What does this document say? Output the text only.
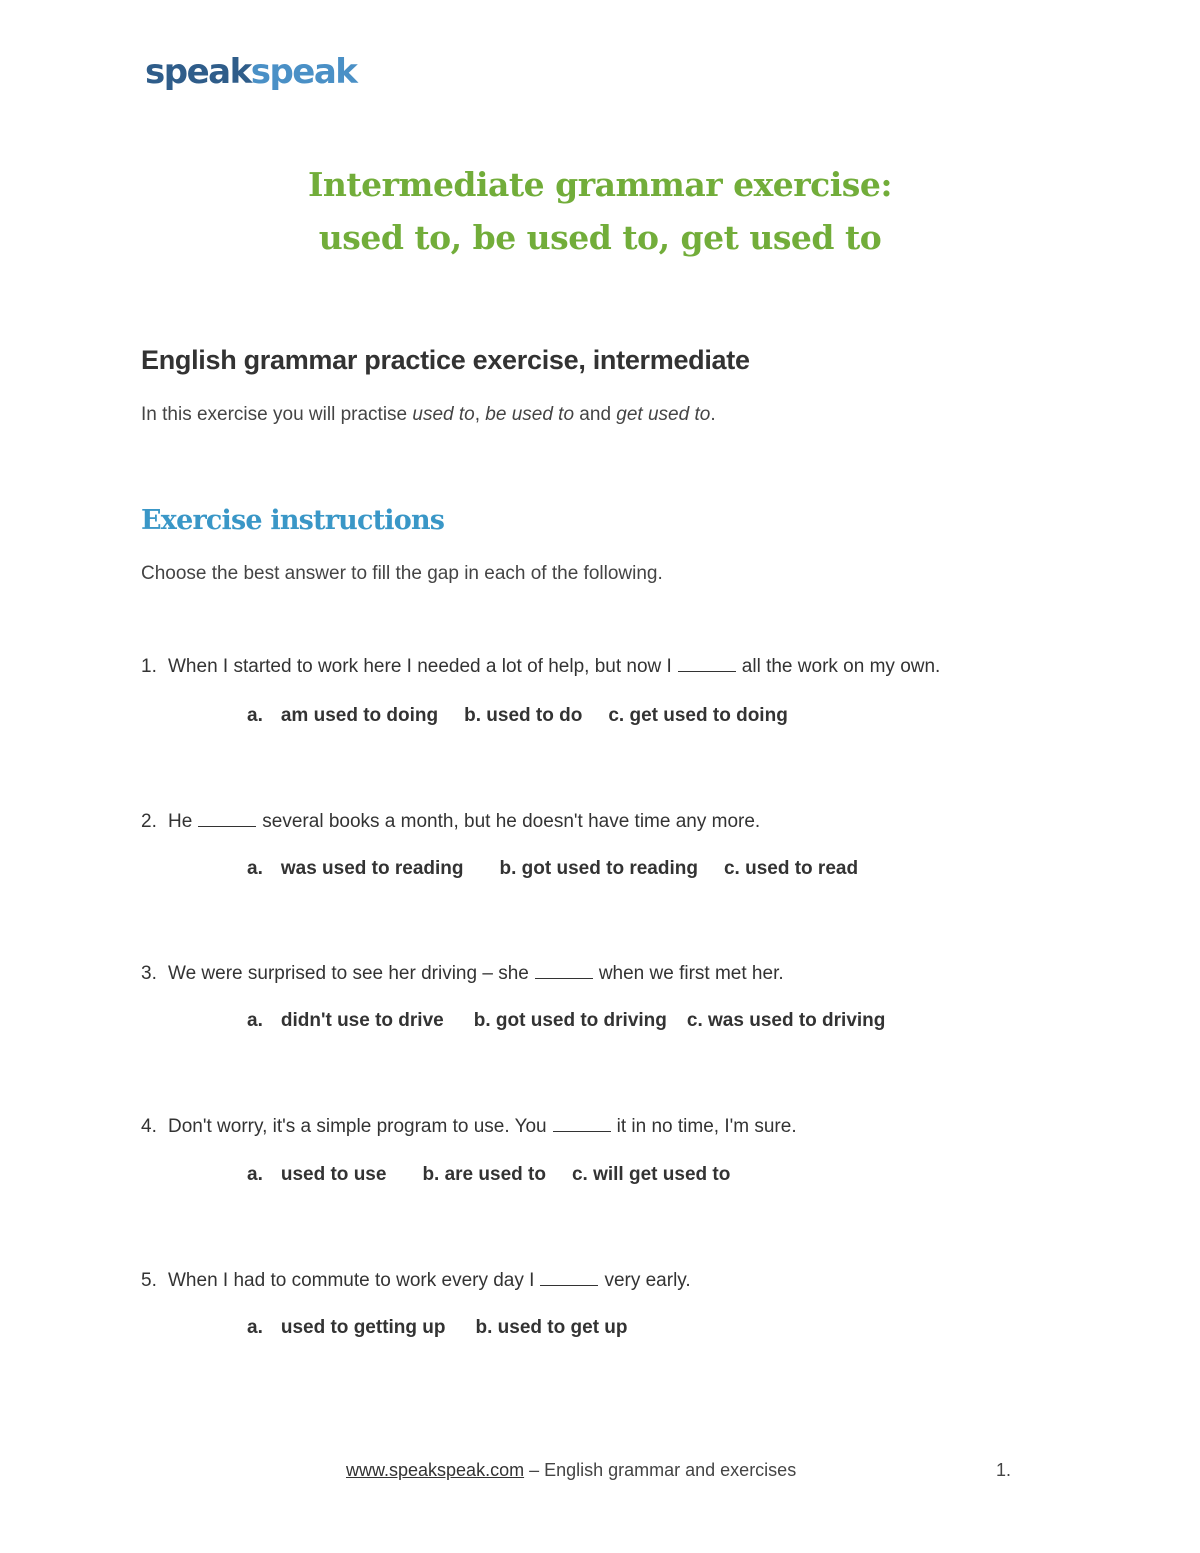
speakspeak
Intermediate grammar exercise:
used to, be used to, get used to
English grammar practice exercise, intermediate
In this exercise you will practise used to, be used to and get used to.
Exercise instructions
Choose the best answer to fill the gap in each of the following.
1. When I started to work here I needed a lot of help, but now I	all the work on my own.
a. am used to doing b. used to do c. get used to doing
2. He	several books a month, but he doesn't have time any more.
a. was used to reading b. got used to reading c. used to read
3. We were surprised to see her driving – she	when we first met her.
a. didn't use to drive b. got used to driving c. was used to driving
4. Don't worry, it's a simple program to use. You	it in no time, I'm sure.
a. used to use b. are used to c. will get used to
5. When I had to commute to work every day I	very early.
a. used to getting up b. used to get up
www.speakspeak.com – English grammar and exercises	1.
